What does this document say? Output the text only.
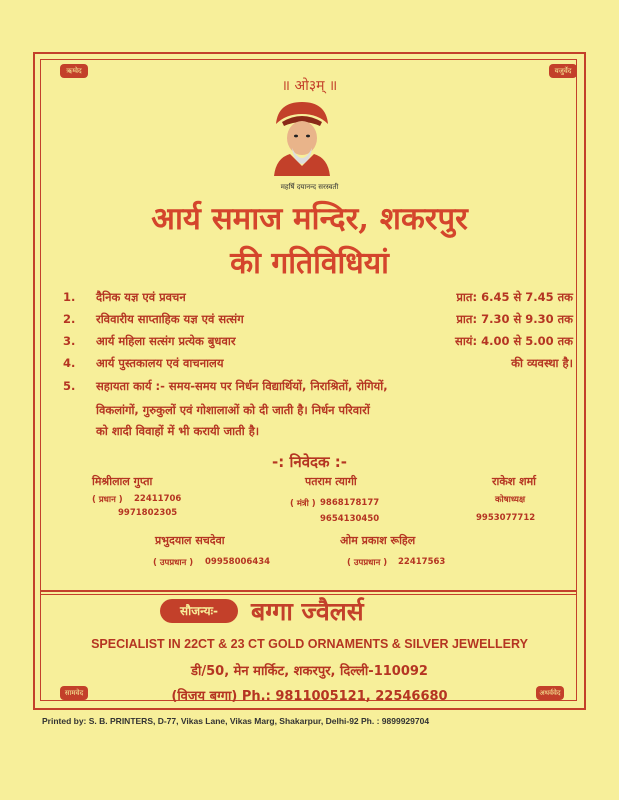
ऋग्वेद	यजुर्वेद
सामवेद	अथर्ववेद
॥ ओ३म् ॥
महर्षि दयानन्द सरस्वती
आर्य समाज मन्दिर, शकरपुर
की गतिविधियां
1. दैनिक यज्ञ एवं प्रवचन	प्रात: 6.45 से 7.45 तक
2. रविवारीय साप्ताहिक यज्ञ एवं सत्संग	प्रात: 7.30 से 9.30 तक
3. आर्य महिला सत्संग प्रत्येक बुधवार	सायं: 4.00 से 5.00 तक
4. आर्य पुस्तकालय एवं वाचनालय	की व्यवस्था है।
5. सहायता कार्य :- समय-समय पर निर्धन विद्यार्थियों, निराश्रितों, रोगियों,
विकलांगों, गुरुकुलों एवं गोशालाओं को दी जाती है। निर्धन परिवारों
को शादी विवाहों में भी करायी जाती है।
-: निवेदक :-
मिश्रीलाल गुप्ता
( प्रधान ) 22411706
9971802305
पतराम त्यागी
( मंत्री ) 9868178177
9654130450
राकेश शर्मा
कोषाध्यक्ष
9953077712
प्रभुदयाल सचदेवा
( उपप्रधान ) 09958006434
ओम प्रकाश रूहिल
( उपप्रधान ) 22417563
सौजन्यः-	बग्गा ज्वैलर्स
SPECIALIST IN 22CT & 23 CT GOLD ORNAMENTS & SILVER JEWELLERY
डी/50, मेन मार्किट, शकरपुर, दिल्ली-110092
(विजय बग्गा) Ph.: 9811005121, 22546680
Printed by: S. B. PRINTERS, D-77, Vikas Lane, Vikas Marg, Shakarpur, Delhi-92 Ph. : 9899929704
